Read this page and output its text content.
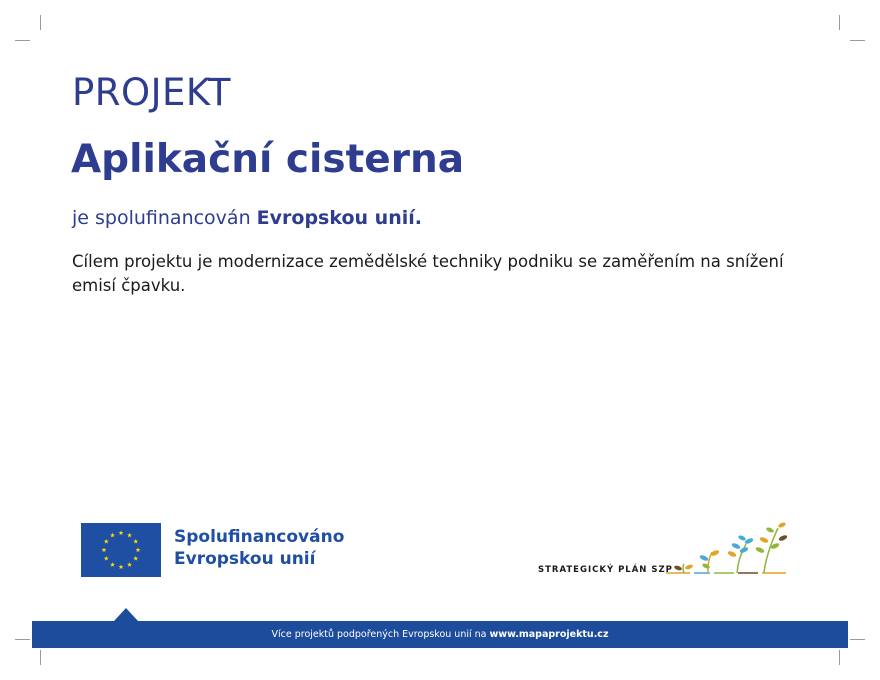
PROJEKT
Aplikační cisterna
je spolufinancován Evropskou unií.
Cílem projektu je modernizace zemědělské techniky podniku se zaměřením na snížení emisí čpavku.
Spolufinancováno
Evropskou unií
STRATEGICKÝ PLÁN SZP
Více projektů podpořených Evropskou unií na www.mapaprojektu.cz
